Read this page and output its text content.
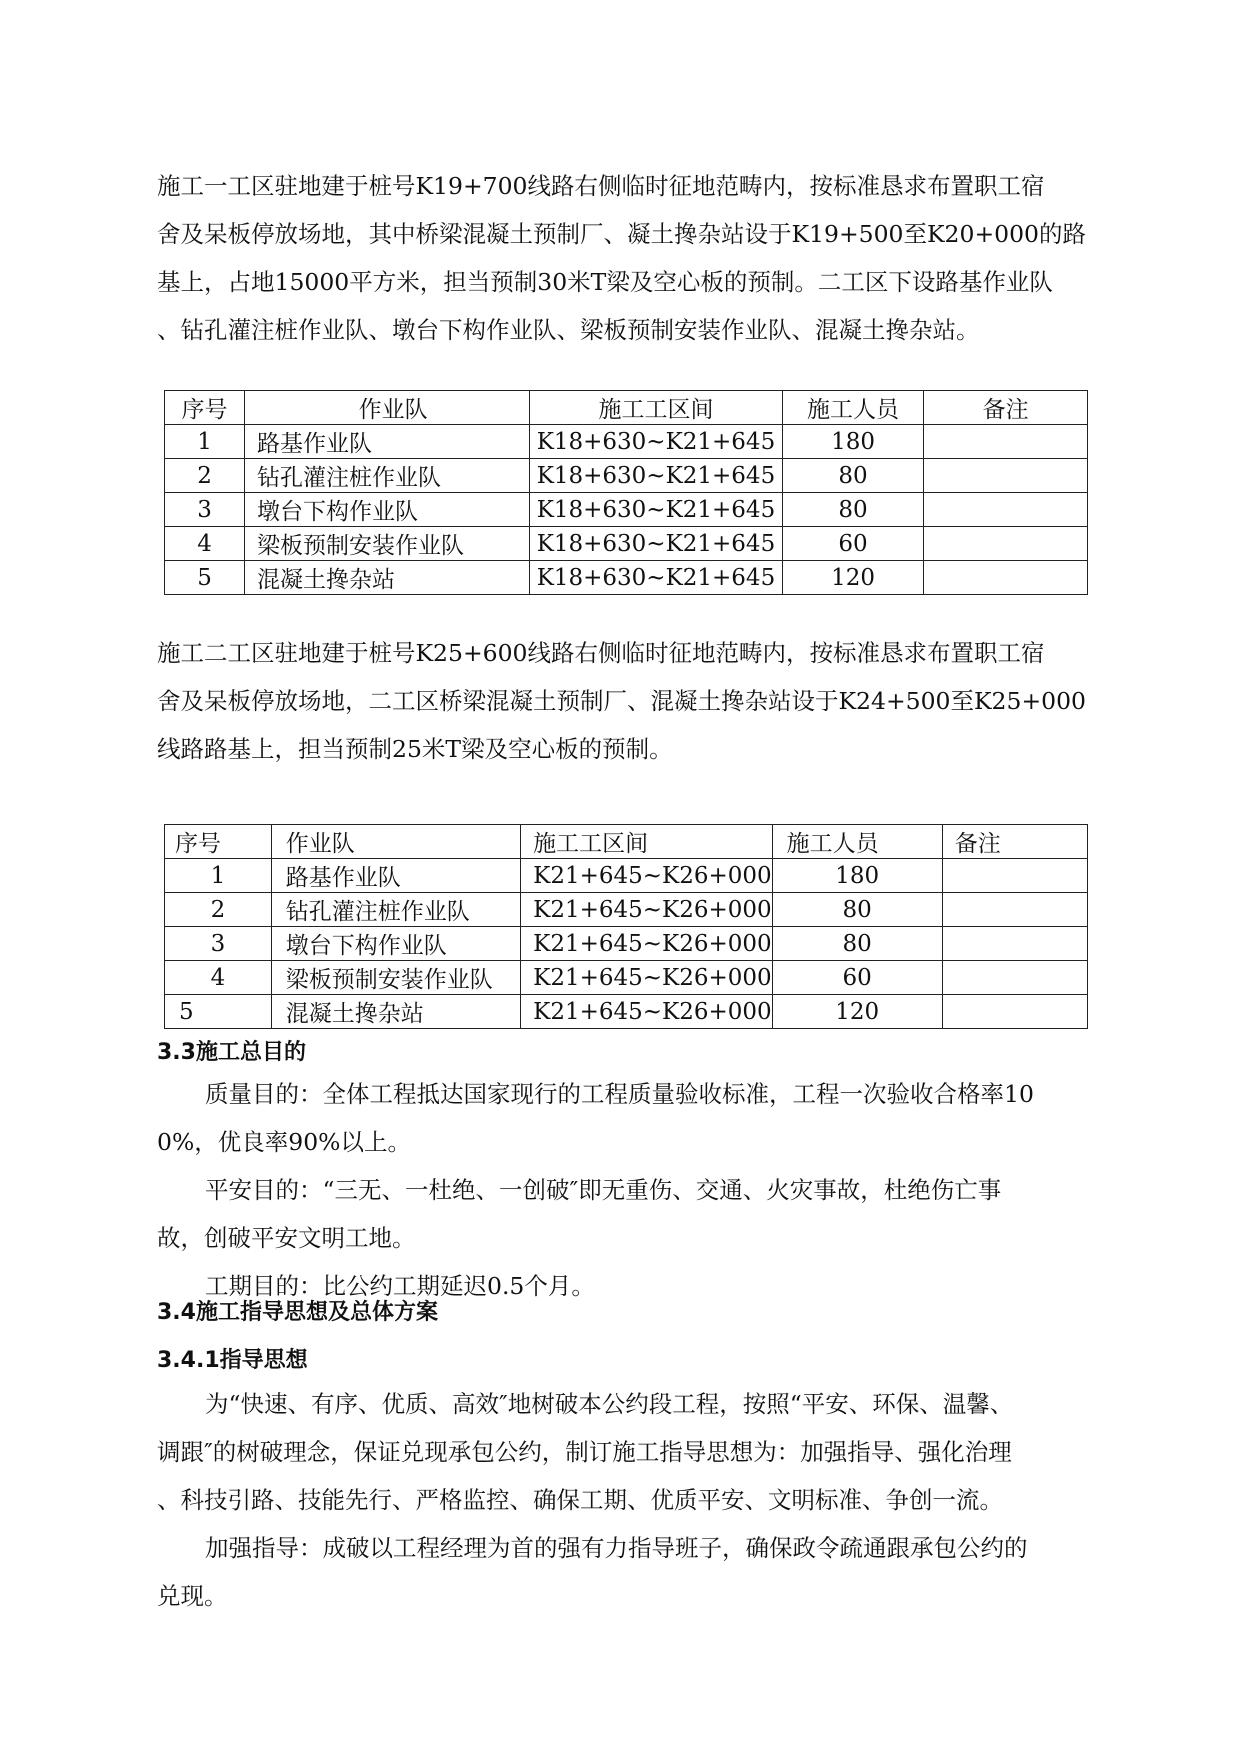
施工一工区驻地建于桩号K19+700线路右侧临时征地范畴内，按标准恳求布置职工宿
舍及呆板停放场地，其中桥梁混凝土预制厂、凝土搀杂站设于K19+500至K20+000的路
基上，占地15000平方米，担当预制30米T梁及空心板的预制。二工区下设路基作业队
、钻孔灌注桩作业队、墩台下构作业队、梁板预制安装作业队、混凝土搀杂站。
序号	作业队	施工工区间	施工人员	备注
1	路基作业队	K18+630~K21+645	180	
2	钻孔灌注桩作业队	K18+630~K21+645	80	
3	墩台下构作业队	K18+630~K21+645	80	
4	梁板预制安装作业队	K18+630~K21+645	60	
5	混凝土搀杂站	K18+630~K21+645	120	
施工二工区驻地建于桩号K25+600线路右侧临时征地范畴内，按标准恳求布置职工宿
舍及呆板停放场地，二工区桥梁混凝土预制厂、混凝土搀杂站设于K24+500至K25+000
线路路基上，担当预制25米T梁及空心板的预制。
序号	作业队	施工工区间	施工人员	备注
1	路基作业队	K21+645~K26+000	180	
2	钻孔灌注桩作业队	K21+645~K26+000	80	
3	墩台下构作业队	K21+645~K26+000	80	
4	梁板预制安装作业队	K21+645~K26+000	60	
5	混凝土搀杂站	K21+645~K26+000	120	
3.3施工总目的
质量目的：全体工程抵达国家现行的工程质量验收标准，工程一次验收合格率10
0%，优良率90%以上。
平安目的：“三无、一杜绝、一创破″即无重伤、交通、火灾事故，杜绝伤亡事
故，创破平安文明工地。
工期目的：比公约工期延迟0.5个月。
3.4施工指导思想及总体方案
3.4.1指导思想
为“快速、有序、优质、高效″地树破本公约段工程，按照“平安、环保、温馨、
调跟″的树破理念，保证兑现承包公约，制订施工指导思想为：加强指导、强化治理
、科技引路、技能先行、严格监控、确保工期、优质平安、文明标准、争创一流。
加强指导：成破以工程经理为首的强有力指导班子，确保政令疏通跟承包公约的
兑现。
